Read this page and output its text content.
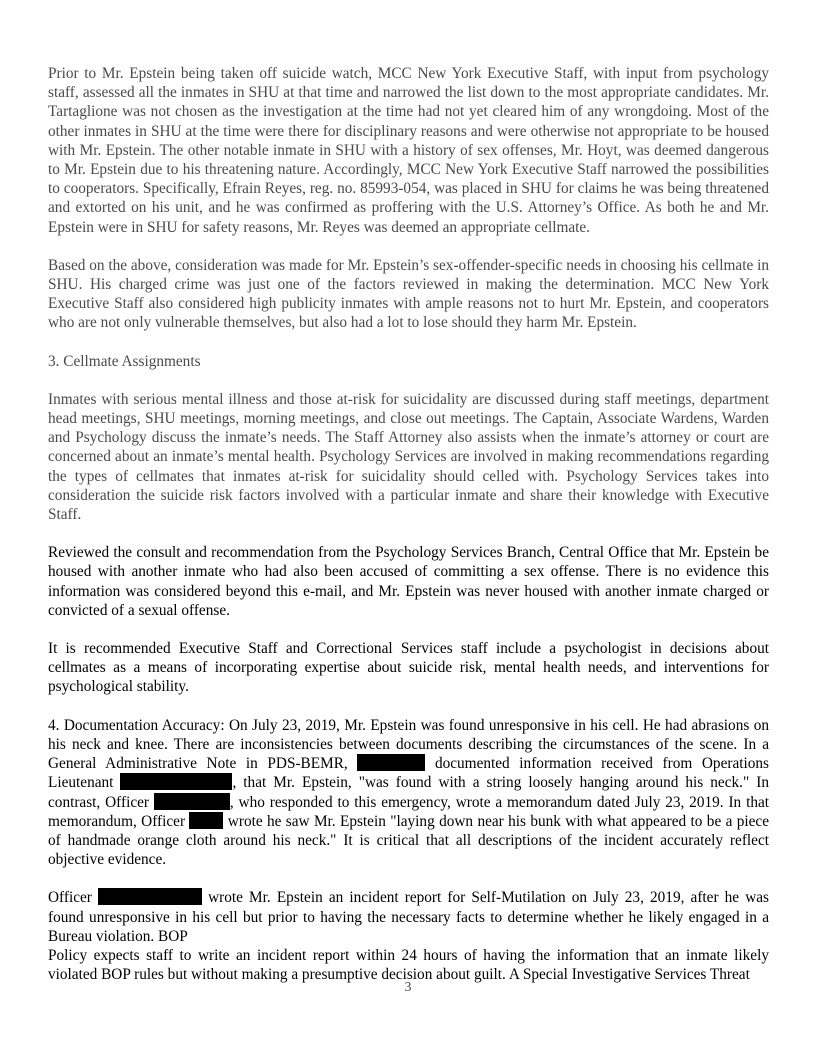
Prior to Mr. Epstein being taken off suicide watch, MCC New York Executive Staff, with input from psychology staff, assessed all the inmates in SHU at that time and narrowed the list down to the most appropriate candidates. Mr. Tartaglione was not chosen as the investigation at the time had not yet cleared him of any wrongdoing. Most of the other inmates in SHU at the time were there for disciplinary reasons and were otherwise not appropriate to be housed with Mr. Epstein. The other notable inmate in SHU with a history of sex offenses, Mr. Hoyt, was deemed dangerous to Mr. Epstein due to his threatening nature. Accordingly, MCC New York Executive Staff narrowed the possibilities to cooperators. Specifically, Efrain Reyes, reg. no. 85993-054, was placed in SHU for claims he was being threatened and extorted on his unit, and he was confirmed as proffering with the U.S. Attorney’s Office. As both he and Mr. Epstein were in SHU for safety reasons, Mr. Reyes was deemed an appropriate cellmate.

Based on the above, consideration was made for Mr. Epstein’s sex-offender-specific needs in choosing his cellmate in SHU. His charged crime was just one of the factors reviewed in making the determination. MCC New York Executive Staff also considered high publicity inmates with ample reasons not to hurt Mr. Epstein, and cooperators who are not only vulnerable themselves, but also had a lot to lose should they harm Mr. Epstein.

3. Cellmate Assignments

Inmates with serious mental illness and those at-risk for suicidality are discussed during staff meetings, department head meetings, SHU meetings, morning meetings, and close out meetings. The Captain, Associate Wardens, Warden and Psychology discuss the inmate’s needs. The Staff Attorney also assists when the inmate’s attorney or court are concerned about an inmate’s mental health. Psychology Services are involved in making recommendations regarding the types of cellmates that inmates at-risk for suicidality should celled with. Psychology Services takes into consideration the suicide risk factors involved with a particular inmate and share their knowledge with Executive Staff.

Reviewed the consult and recommendation from the Psychology Services Branch, Central Office that Mr. Epstein be housed with another inmate who had also been accused of committing a sex offense. There is no evidence this information was considered beyond this e-mail, and Mr. Epstein was never housed with another inmate charged or convicted of a sexual offense.

It is recommended Executive Staff and Correctional Services staff include a psychologist in decisions about cellmates as a means of incorporating expertise about suicide risk, mental health needs, and interventions for psychological stability.

4. Documentation Accuracy: On July 23, 2019, Mr. Epstein was found unresponsive in his cell. He had abrasions on his neck and knee. There are inconsistencies between documents describing the circumstances of the scene. In a General Administrative Note in PDS-BEMR,	documented information received from Operations Lieutenant	, that Mr. Epstein, "was found with a string loosely hanging around his neck." In contrast, Officer	, who responded to this emergency, wrote a memorandum dated July 23, 2019. In that memorandum, Officer	wrote he saw Mr. Epstein "laying down near his bunk with what appeared to be a piece of handmade orange cloth around his neck." It is critical that all descriptions of the incident accurately reflect objective evidence.

Officer	wrote Mr. Epstein an incident report for Self-Mutilation on July 23, 2019, after he was found unresponsive in his cell but prior to having the necessary facts to determine whether he likely engaged in a Bureau violation. BOP

Policy expects staff to write an incident report within 24 hours of having the information that an inmate likely violated BOP rules but without making a presumptive decision about guilt. A Special Investigative Services Threat

3
